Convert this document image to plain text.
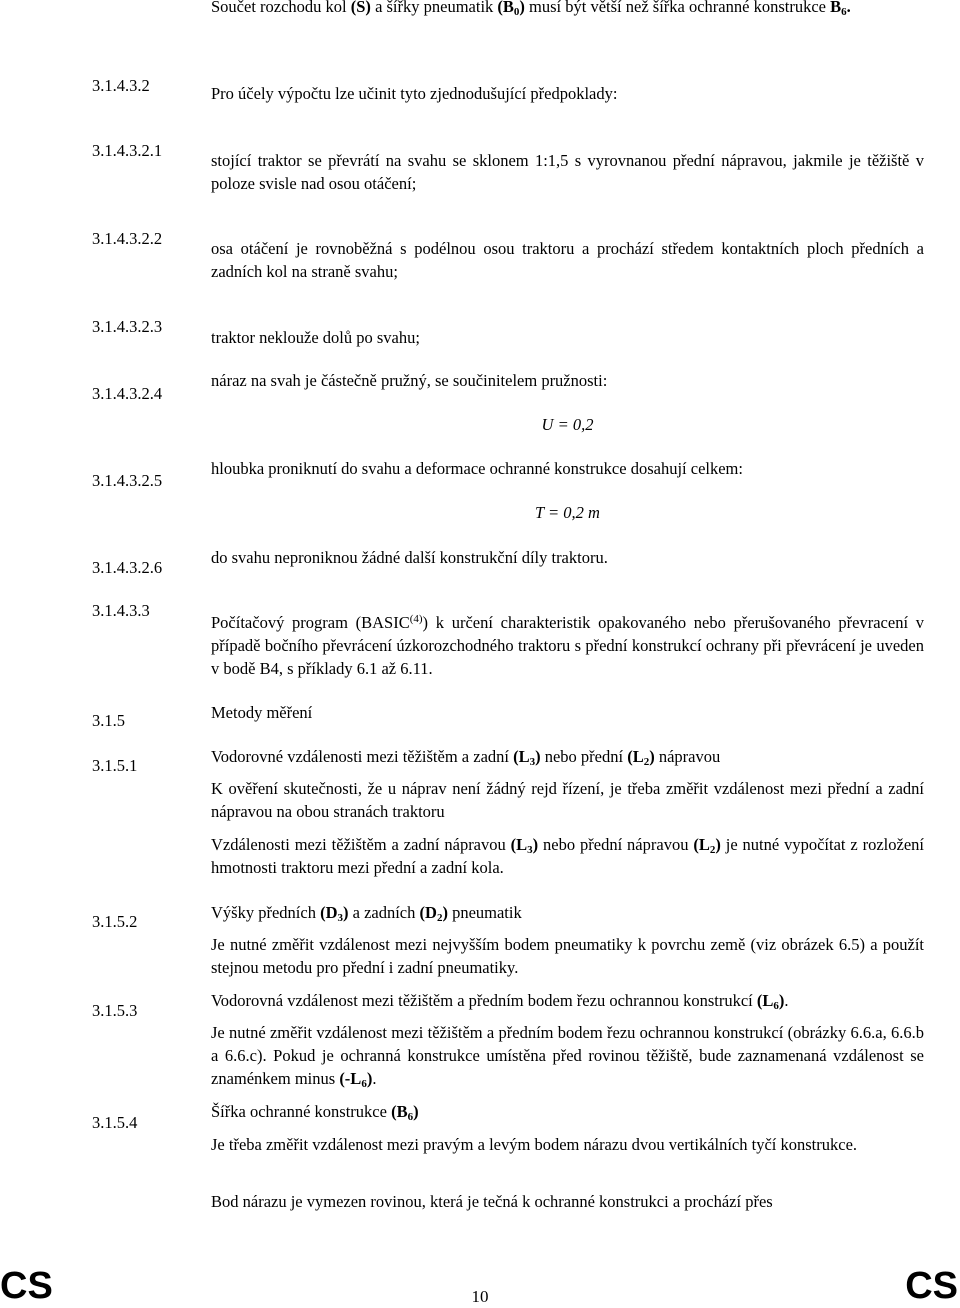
Součet rozchodu kol (S) a šířky pneumatik $(B_0)$ musí být větší než šířka ochranné konstrukce $B_6$.
3.1.4.3.2
3.1.4.3.2.1
3.1.4.3.2.2
3.1.4.3.2.3
3.1.4.3.2.4
3.1.4.3.2.5
3.1.4.3.2.6
3.1.4.3.3
3.1.5
3.1.5.1
3.1.5.2
3.1.5.3
3.1.5.4
Pro účely výpočtu lze učinit tyto zjednodušující předpoklady:
stojící traktor se převrátí na svahu se sklonem 1:1,5 s vyrovnanou přední nápravou, jakmile je těžiště v poloze svisle nad osou otáčení;
osa otáčení je rovnoběžná s podélnou osou traktoru a prochází středem kontaktních ploch předních a zadních kol na straně svahu;
traktor neklouže dolů po svahu;
náraz na svah je částečně pružný, se součinitelem pružnosti:
U = 0,2
hloubka proniknutí do svahu a deformace ochranné konstrukce dosahují celkem:
T = 0,2 m
do svahu neproniknou žádné další konstrukční díly traktoru.
Počítačový program (BASIC$^{(4)}$) k určení charakteristik opakovaného nebo přerušovaného převracení v případě bočního převrácení úzkorozchodného traktoru s přední konstrukcí ochrany při převrácení je uveden v bodě B4, s příklady 6.1 až 6.11.
Metody měření
Vodorovné vzdálenosti mezi těžištěm a zadní $(L_3)$ nebo přední $(L_2)$ nápravou
K ověření skutečnosti, že u náprav není žádný rejd řízení, je třeba změřit vzdálenost mezi přední a zadní nápravou na obou stranách traktoru
Vzdálenosti mezi těžištěm a zadní nápravou $(L_3)$ nebo přední nápravou $(L_2)$ je nutné vypočítat z rozložení hmotnosti traktoru mezi přední a zadní kola.
Výšky předních $(D_3)$ a zadních $(D_2)$ pneumatik
Je nutné změřit vzdálenost mezi nejvyšším bodem pneumatiky k povrchu země (viz obrázek 6.5) a použít stejnou metodu pro přední i zadní pneumatiky.
Vodorovná vzdálenost mezi těžištěm a předním bodem řezu ochrannou konstrukcí $(L_6)$.
Je nutné změřit vzdálenost mezi těžištěm a předním bodem řezu ochrannou konstrukcí (obrázky 6.6.a, 6.6.b a 6.6.c). Pokud je ochranná konstrukce umístěna před rovinou těžiště, bude zaznamenaná vzdálenost se znaménkem minus $(-L_6)$.
Šířka ochranné konstrukce $(B_6)$
Je třeba změřit vzdálenost mezi pravým a levým bodem nárazu dvou vertikálních tyčí konstrukce.
Bod nárazu je vymezen rovinou, která je tečná k ochranné konstrukci a prochází přes
CS	CS
10
